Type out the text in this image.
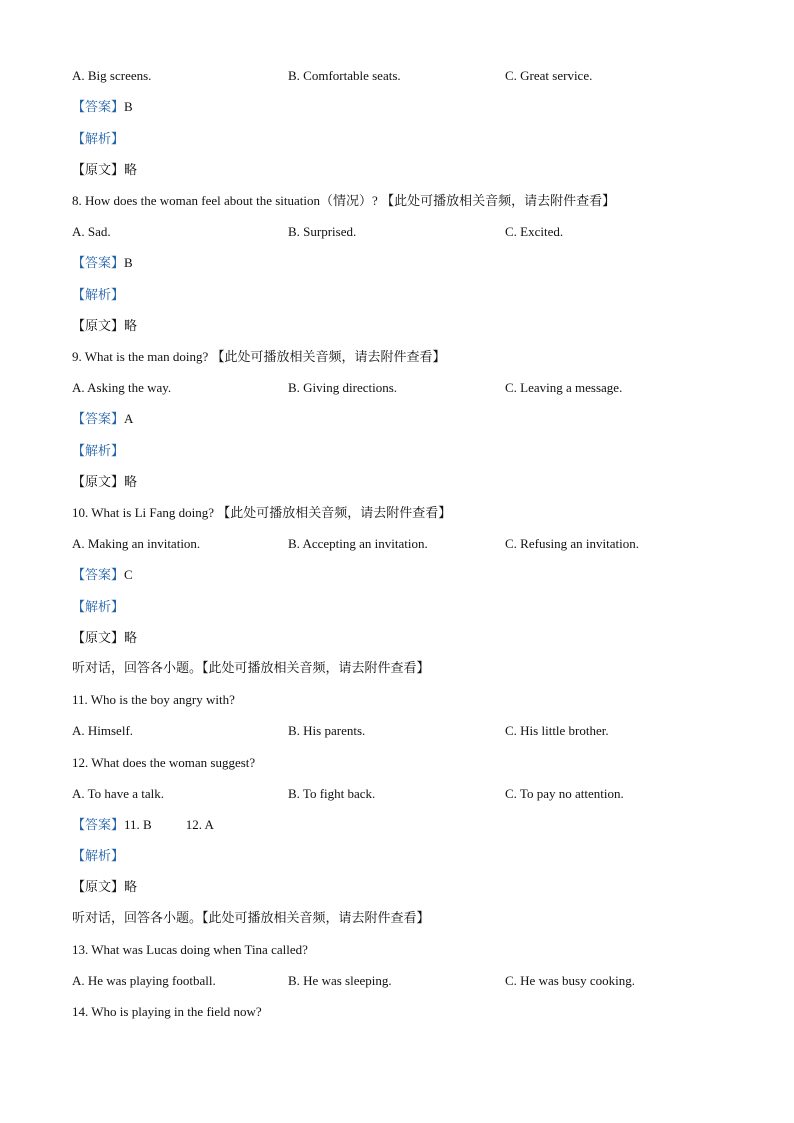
A. Big screens.	B. Comfortable seats.	C. Great service.
【答案】B
【解析】
【原文】略
8. How does the woman feel about the situation（情况）? 【此处可播放相关音频，请去附件查看】
A. Sad.	B. Surprised.	C. Excited.
【答案】B
【解析】
【原文】略
9. What is the man doing? 【此处可播放相关音频，请去附件查看】
A. Asking the way.	B. Giving directions.	C. Leaving a message.
【答案】A
【解析】
【原文】略
10. What is Li Fang doing? 【此处可播放相关音频，请去附件查看】
A. Making an invitation.	B. Accepting an invitation.	C. Refusing an invitation.
【答案】C
【解析】
【原文】略
听对话，回答各小题。【此处可播放相关音频，请去附件查看】
11. Who is the boy angry with?
A. Himself.	B. His parents.	C. His little brother.
12. What does the woman suggest?
A. To have a talk.	B. To fight back.	C. To pay no attention.
【答案】11. B	12. A
【解析】
【原文】略
听对话，回答各小题。【此处可播放相关音频，请去附件查看】
13. What was Lucas doing when Tina called?
A. He was playing football.	B. He was sleeping.	C. He was busy cooking.
14. Who is playing in the field now?
